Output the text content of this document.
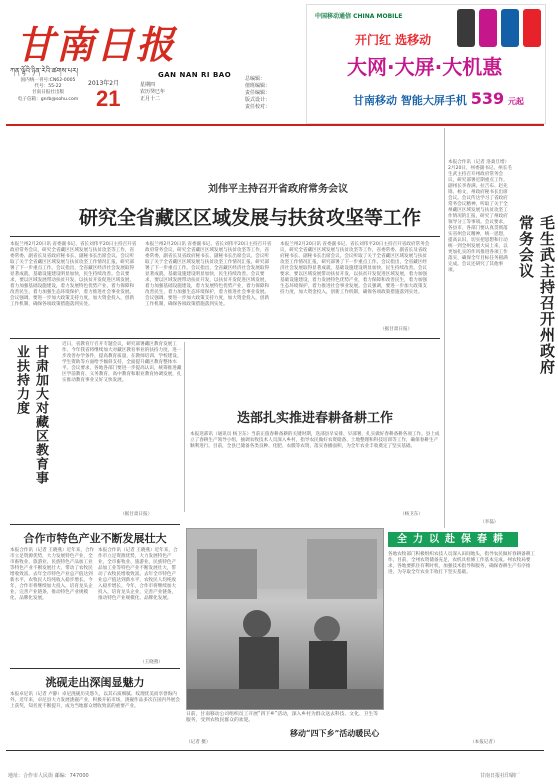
甘南日报
ཀན་ལྷོའི་ཉིན་རེའི་ཚགས་པར།	GAN NAN RI BAO
国内统一刊号:CN62-0005
代号：55-22
甘南日报社出版
电子信箱：gnrb@sohu.com
2013年2月
21
星期四
农历癸巳年
正月十二
总编辑：
值班编辑：
责任编辑：
版式设计：
责任校对：
中国移动通信 CHINA MOBILE
开门红 选移动
大网·大屏·大机惠
甘南移动 智能大屏手机 539 元起
刘伟平主持召开省政府常务会议
研究全省藏区区域发展与扶贫攻坚等工作

本报兰州2月20日讯 省委副书记、省长刘伟平20日主持召开省政府常务会议，研究全省藏区区域发展与扶贫攻坚等工作，省委常委、副省长及省政府秘书长、副秘书长出席会议。会议听取了关于全省藏区区域发展与扶贫攻坚工作情况汇报，研究部署了下一步重点工作。会议指出，全省藏区经济社会发展取得显著成就，基础设施建设明显加快，民生持续改善。会议要求，要以区域发展带动扶贫开发，以扶贫开发促进区域发展，着力加强基础设施建设，着力发展特色优势产业，着力保障和改善民生，着力加强生态环境保护，着力推进社会事业发展。会议强调，要进一步加大政策支持力度，加大资金投入，创新工作机制，确保各项政策措施落到实处。

本报兰州2月20日讯 省委副书记、省长刘伟平20日主持召开省政府常务会议，研究全省藏区区域发展与扶贫攻坚等工作，省委常委、副省长及省政府秘书长、副秘书长出席会议。会议听取了关于全省藏区区域发展与扶贫攻坚工作情况汇报，研究部署了下一步重点工作。会议指出，全省藏区经济社会发展取得显著成就，基础设施建设明显加快，民生持续改善。会议要求，要以区域发展带动扶贫开发，以扶贫开发促进区域发展，着力加强基础设施建设，着力发展特色优势产业，着力保障和改善民生，着力加强生态环境保护，着力推进社会事业发展。会议强调，要进一步加大政策支持力度，加大资金投入，创新工作机制，确保各项政策措施落到实处。

本报兰州2月20日讯 省委副书记、省长刘伟平20日主持召开省政府常务会议，研究全省藏区区域发展与扶贫攻坚等工作，省委常委、副省长及省政府秘书长、副秘书长出席会议。会议听取了关于全省藏区区域发展与扶贫攻坚工作情况汇报，研究部署了下一步重点工作。会议指出，全省藏区经济社会发展取得显著成就，基础设施建设明显加快，民生持续改善。会议要求，要以区域发展带动扶贫开发，以扶贫开发促进区域发展，着力加强基础设施建设，着力发展特色优势产业，着力保障和改善民生，着力加强生态环境保护，着力推进社会事业发展。会议强调，要进一步加大政策支持力度，加大资金投入，创新工作机制，确保各项政策措施落到实处。

（据甘肃日报）

本报合作讯（记者 洛桑旦增）2月20日，州委副书记、州长毛生武主持召开州政府常务会议，研究部署近期重点工作。副州长李春满、拉吉布、赵先锋、杨文，州政府秘书长出席会议。会议传达学习了省政府常务会议精神，听取了关于全州藏区区域发展与扶贫攻坚工作情况的汇报，研究了州政府领导分工等事项。会议要求，各县市、各部门要认真贯彻落实省州会议精神，统一思想，提高认识，切实把思想和行动统一到全州发展大局上来，以更加扎实的作风推进各项工作落实，确保全年目标任务圆满完成。会议还研究了其他事项。	毛生武主持召开州政府常务会议
（李磊）
甘肃加大对藏区教育事业扶持力度

近日，省教育厅召开专题会议，研究部署藏区教育发展工作。今年我省将继续加大对藏区教育事业的扶持力度，进一步改善办学条件，提高教育质量，在教师培训、学校建设、学生资助等方面给予倾斜支持，全面提升藏区教育整体水平。会议要求，各地各部门要进一步提高认识，统筹推进藏区学前教育、义务教育、高中教育和职业教育协调发展，扎实推动教育事业又好又快发展。

（据甘肃日报）
迭部扎实推进春耕备耕工作

本报迭部讯（通讯员 杨卫东）当前正值春耕备耕的关键时期，迭部县早安排、早部署，扎实做好春耕备耕各项工作。县上成立了春耕生产领导小组，抽调农牧技术人员深入乡村，指导农民做好农资储备、土地整理和科技培训等工作，确保春耕生产顺利进行。目前，全县已储备各类良种、化肥、农膜等农资，落实春播面积，为全年农业丰收奠定了坚实基础。

（杨卫东）
合作市特色产业不断发展壮大

本报合作讯（记者 王晓燕）近年来，合作市立足资源优势，大力发展特色产业，全市畜牧业、旅游业、民族特色产品加工业等特色产业不断发展壮大，带动了农牧民增收致富。去年全市特色产业总产值达到新水平，农牧民人均纯收入稳步增长。今年，合作市将继续加大投入，培育龙头企业，完善产业链条，推动特色产业规模化、品牌化发展。

本报合作讯（记者 王晓燕）近年来，合作市立足资源优势，大力发展特色产业，全市畜牧业、旅游业、民族特色产品加工业等特色产业不断发展壮大，带动了农牧民增收致富。去年全市特色产业总产值达到新水平，农牧民人均纯收入稳步增长。今年，合作市将继续加大投入，培育龙头企业，完善产业链条，推动特色产业规模化、品牌化发展。

（王晓燕）
洮砚走出深闺显魅力

本报卓尼讯（记者 卢静）卓尼洮砚历史悠久，以其石质细腻、纹理优美而享誉海内外。近年来，卓尼县大力发展洮砚产业，积极开拓市场，洮砚作品多次在国内外展会上获奖，知名度不断提升，成为当地群众增收致富的重要产业。

日前，甘南移动公司组织员工开展“四下乡”活动，深入乡村为群众送去科技、文化、卫生等服务，受到农牧民群众的欢迎。

移动“四下乡”活动暖民心
（记者 摄）
全力以赴保春耕

各地农牧部门积极组织农技人员深入田间地头，指导农民做好春耕备耕工作。目前，全州农资储备充足，农机具检修工作基本完成。州农牧局要求，各地要抓住有利时机，加强技术指导和服务，确保春耕生产有序推进，为夺取全年农业丰收打下坚实基础。

（本报记者）
地址：合作市人民街 邮编：747000	甘南日报社印刷厂
